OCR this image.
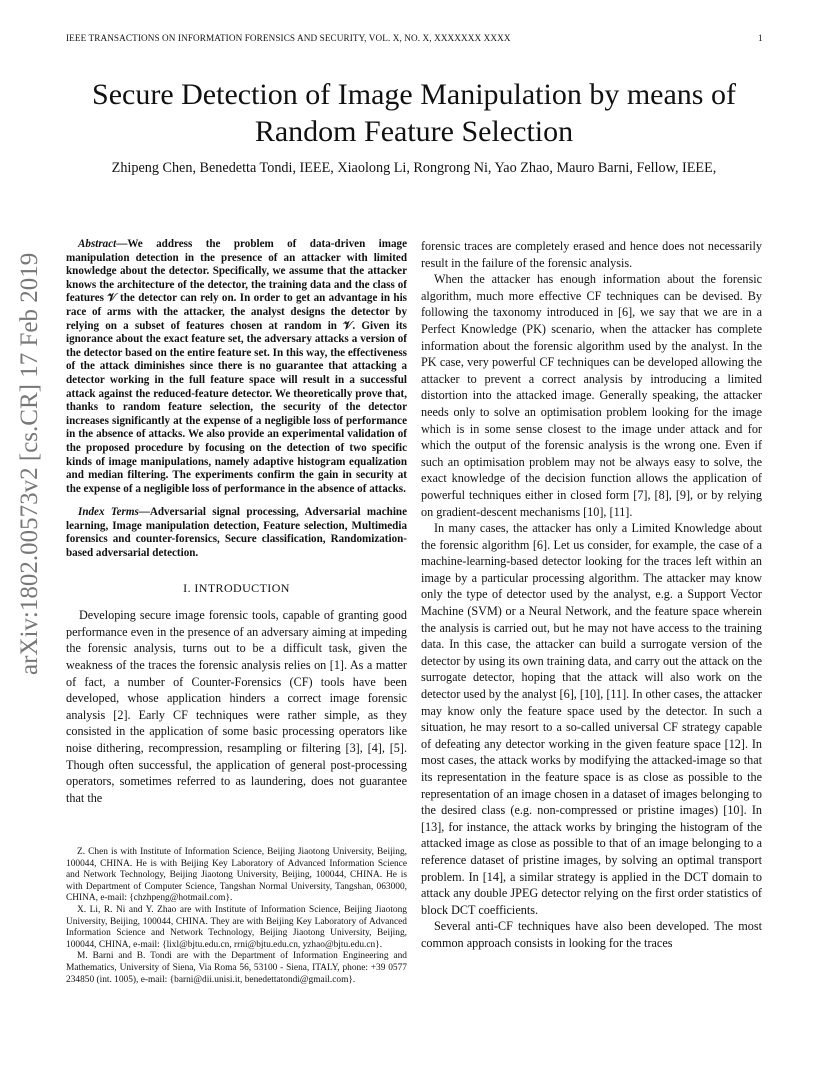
IEEE TRANSACTIONS ON INFORMATION FORENSICS AND SECURITY, VOL. X, NO. X, XXXXXXX XXXX	1
Secure Detection of Image Manipulation by means of Random Feature Selection
Zhipeng Chen, Benedetta Tondi, IEEE, Xiaolong Li, Rongrong Ni, Yao Zhao, Mauro Barni, Fellow, IEEE,
arXiv:1802.00573v2 [cs.CR] 17 Feb 2019

Abstract—We address the problem of data-driven image manipulation detection in the presence of an attacker with limited knowledge about the detector. Specifically, we assume that the attacker knows the architecture of the detector, the training data and the class of features 𝒱 the detector can rely on. In order to get an advantage in his race of arms with the attacker, the analyst designs the detector by relying on a subset of features chosen at random in 𝒱. Given its ignorance about the exact feature set, the adversary attacks a version of the detector based on the entire feature set. In this way, the effectiveness of the attack diminishes since there is no guarantee that attacking a detector working in the full feature space will result in a successful attack against the reduced-feature detector. We theoretically prove that, thanks to random feature selection, the security of the detector increases significantly at the expense of a negligible loss of performance in the absence of attacks. We also provide an experimental validation of the proposed procedure by focusing on the detection of two specific kinds of image manipulations, namely adaptive histogram equalization and median filtering. The experiments confirm the gain in security at the expense of a negligible loss of performance in the absence of attacks.

Index Terms—Adversarial signal processing, Adversarial machine learning, Image manipulation detection, Feature selection, Multimedia forensics and counter-forensics, Secure classification, Randomization-based adversarial detection.

I. INTRODUCTION

Developing secure image forensic tools, capable of granting good performance even in the presence of an adversary aiming at impeding the forensic analysis, turns out to be a difficult task, given the weakness of the traces the forensic analysis relies on [1]. As a matter of fact, a number of Counter-Forensics (CF) tools have been developed, whose application hinders a correct image forensic analysis [2]. Early CF techniques were rather simple, as they consisted in the application of some basic processing operators like noise dithering, recompression, resampling or filtering [3], [4], [5]. Though often successful, the application of general post-processing operators, sometimes referred to as laundering, does not guarantee that the

Z. Chen is with Institute of Information Science, Beijing Jiaotong University, Beijing, 100044, CHINA. He is with Beijing Key Laboratory of Advanced Information Science and Network Technology, Beijing Jiaotong University, Beijing, 100044, CHINA. He is with Department of Computer Science, Tangshan Normal University, Tangshan, 063000, CHINA, e-mail: {chzhpeng@hotmail.com}.

X. Li, R. Ni and Y. Zhao are with Institute of Information Science, Beijing Jiaotong University, Beijing, 100044, CHINA. They are with Beijing Key Laboratory of Advanced Information Science and Network Technology, Beijing Jiaotong University, Beijing, 100044, CHINA, e-mail: {lixl@bjtu.edu.cn, rrni@bjtu.edu.cn, yzhao@bjtu.edu.cn}.

M. Barni and B. Tondi are with the Department of Information Engineering and Mathematics, University of Siena, Via Roma 56, 53100 - Siena, ITALY, phone: +39 0577 234850 (int. 1005), e-mail: {barni@dii.unisi.it, benedettatondi@gmail.com}.

forensic traces are completely erased and hence does not necessarily result in the failure of the forensic analysis.

When the attacker has enough information about the forensic algorithm, much more effective CF techniques can be devised. By following the taxonomy introduced in [6], we say that we are in a Perfect Knowledge (PK) scenario, when the attacker has complete information about the forensic algorithm used by the analyst. In the PK case, very powerful CF techniques can be developed allowing the attacker to prevent a correct analysis by introducing a limited distortion into the attacked image. Generally speaking, the attacker needs only to solve an optimisation problem looking for the image which is in some sense closest to the image under attack and for which the output of the forensic analysis is the wrong one. Even if such an optimisation problem may not be always easy to solve, the exact knowledge of the decision function allows the application of powerful techniques either in closed form [7], [8], [9], or by relying on gradient-descent mechanisms [10], [11].

In many cases, the attacker has only a Limited Knowledge about the forensic algorithm [6]. Let us consider, for example, the case of a machine-learning-based detector looking for the traces left within an image by a particular processing algorithm. The attacker may know only the type of detector used by the analyst, e.g. a Support Vector Machine (SVM) or a Neural Network, and the feature space wherein the analysis is carried out, but he may not have access to the training data. In this case, the attacker can build a surrogate version of the detector by using its own training data, and carry out the attack on the surrogate detector, hoping that the attack will also work on the detector used by the analyst [6], [10], [11]. In other cases, the attacker may know only the feature space used by the detector. In such a situation, he may resort to a so-called universal CF strategy capable of defeating any detector working in the given feature space [12]. In most cases, the attack works by modifying the attacked-image so that its representation in the feature space is as close as possible to the representation of an image chosen in a dataset of images belonging to the desired class (e.g. non-compressed or pristine images) [10]. In [13], for instance, the attack works by bringing the histogram of the attacked image as close as possible to that of an image belonging to a reference dataset of pristine images, by solving an optimal transport problem. In [14], a similar strategy is applied in the DCT domain to attack any double JPEG detector relying on the first order statistics of block DCT coefficients.

Several anti-CF techniques have also been developed. The most common approach consists in looking for the traces
